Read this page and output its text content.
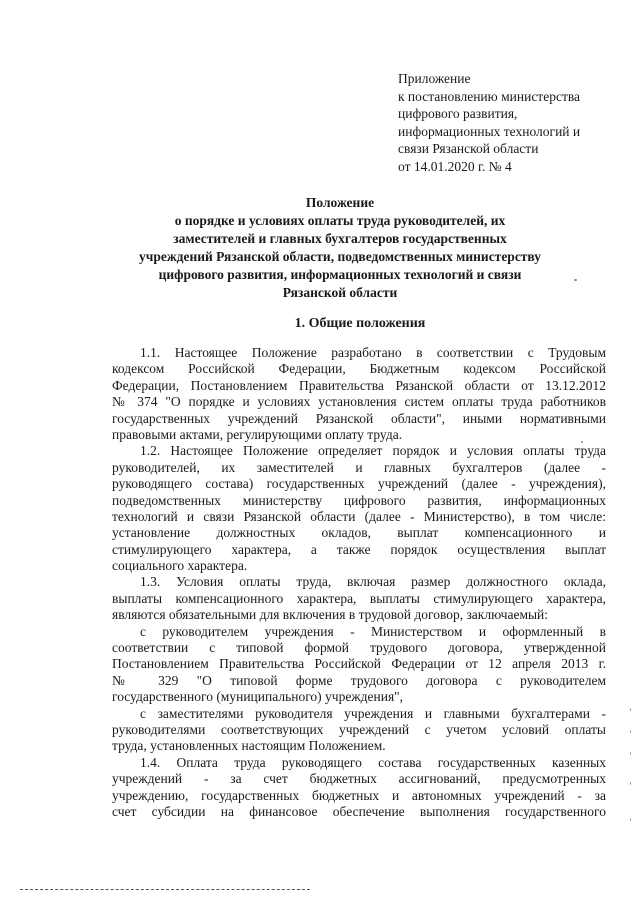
Приложение
к постановлению министерства
цифрового развития,
информационных технологий и
связи Рязанской области
от 14.01.2020 г. № 4
Положение
о порядке и условиях оплаты труда руководителей, их
заместителей и главных бухгалтеров государственных
учреждений Рязанской области, подведомственных министерству
цифрового развития, информационных технологий и связи
Рязанской области
1. Общие положения
1.1. Настоящее Положение разработано в соответствии с Трудовым
кодексом Российской Федерации, Бюджетным кодексом Российской
Федерации, Постановлением Правительства Рязанской области от 13.12.2012
№ 374 "О порядке и условиях установления систем оплаты труда работников
государственных учреждений Рязанской области", иными нормативными
правовыми актами, регулирующими оплату труда.
1.2. Настоящее Положение определяет порядок и условия оплаты труда
руководителей, их заместителей и главных бухгалтеров (далее -
руководящего состава) государственных учреждений (далее - учреждения),
подведомственных министерству цифрового развития, информационных
технологий и связи Рязанской области (далее - Министерство), в том числе:
установление должностных окладов, выплат компенсационного и
стимулирующего характера, а также порядок осуществления выплат
социального характера.
1.3. Условия оплаты труда, включая размер должностного оклада,
выплаты компенсационного характера, выплаты стимулирующего характера,
являются обязательными для включения в трудовой договор, заключаемый:
с руководителем учреждения - Министерством и оформленный в
соответствии с типовой формой трудового договора, утвержденной
Постановлением Правительства Российской Федерации от 12 апреля 2013 г.
№ 329 "О типовой форме трудового договора с руководителем
государственного (муниципального) учреждения",
с заместителями руководителя учреждения и главными бухгалтерами -
руководителями соответствующих учреждений с учетом условий оплаты
труда, установленных настоящим Положением.
1.4. Оплата труда руководящего состава государственных казенных
учреждений - за счет бюджетных ассигнований, предусмотренных
учреждению, государственных бюджетных и автономных учреждений - за
счет субсидии на финансовое обеспечение выполнения государственного
